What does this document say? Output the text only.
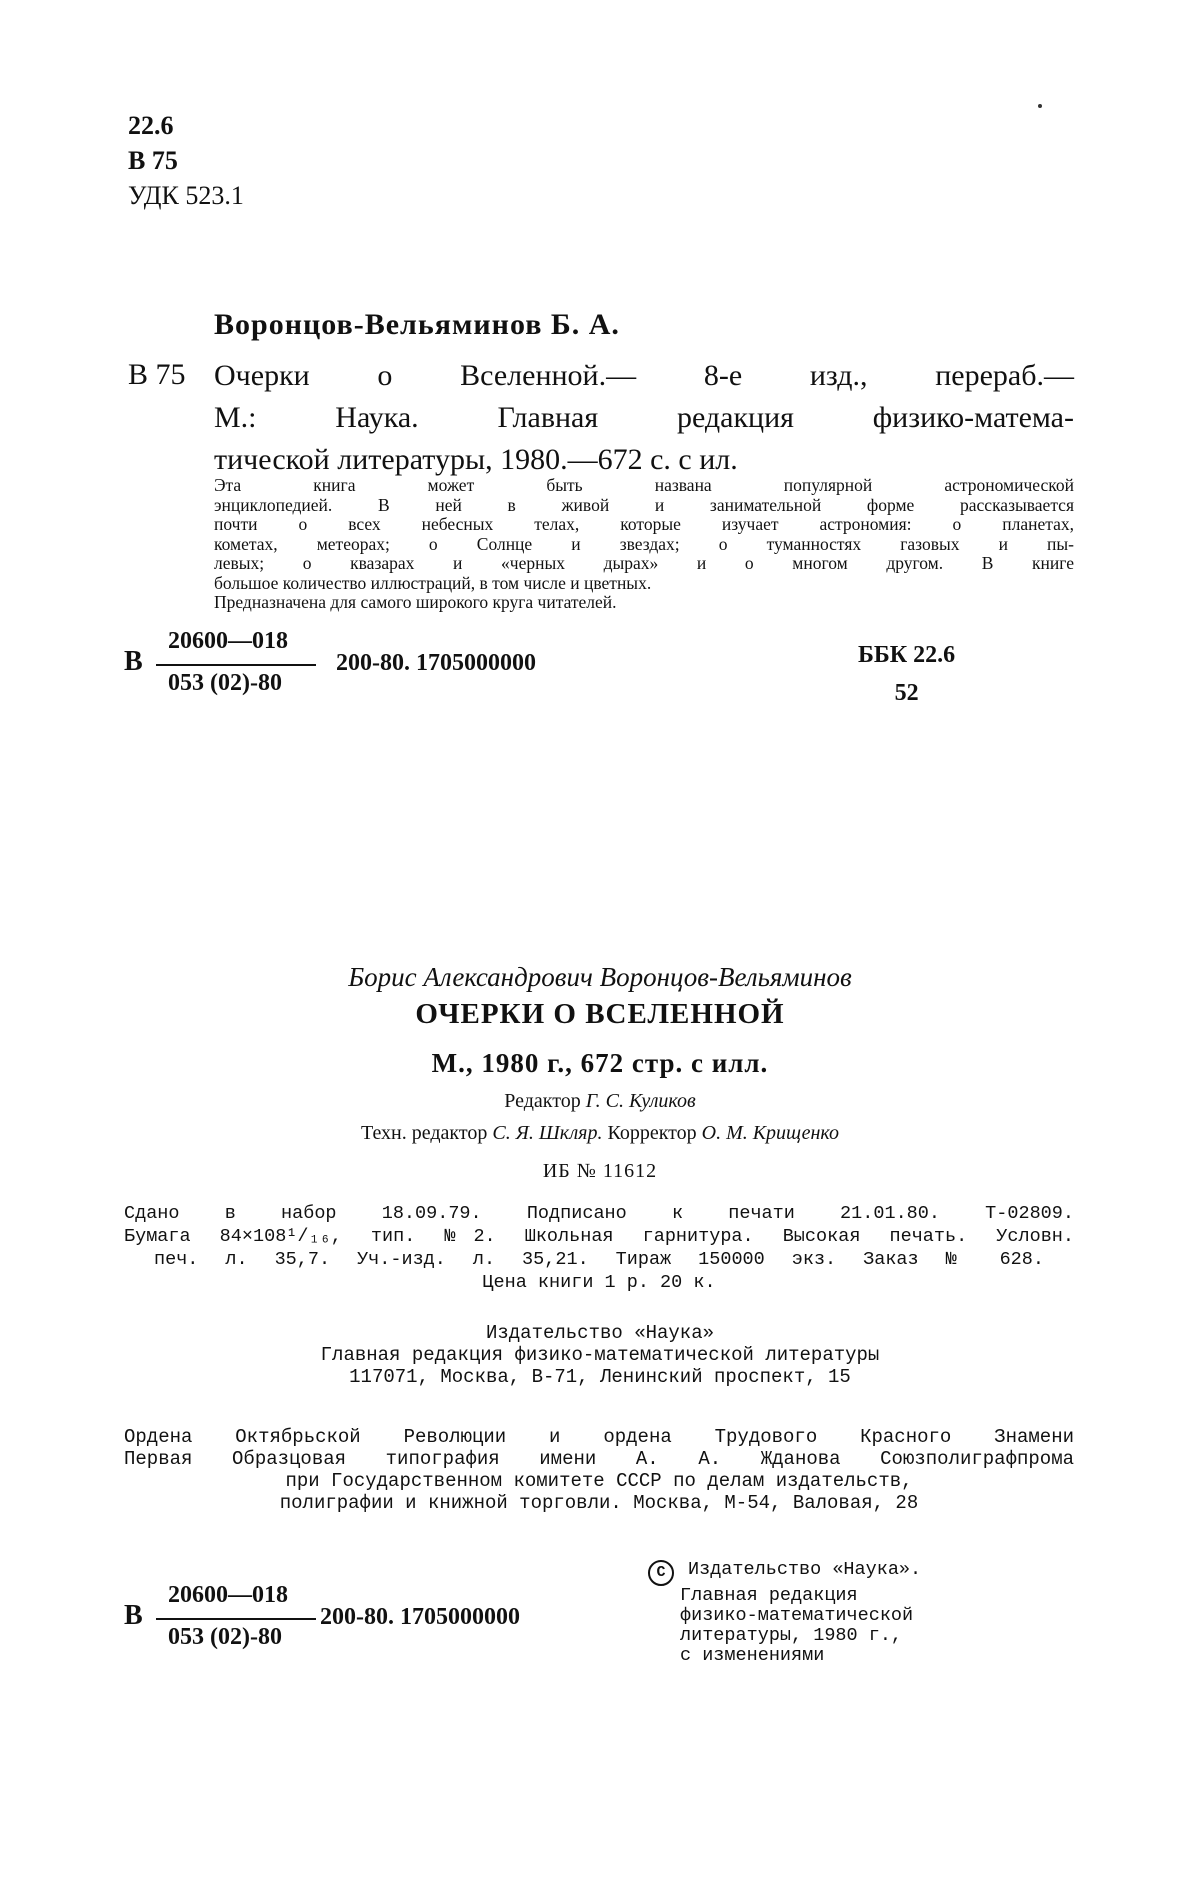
22.6
В 75
УДК 523.1
Воронцов-Вельяминов Б. А.
В 75 Очерки о Вселенной.— 8-е изд., перераб.—
М.: Наука. Главная редакция физико-матема-
тической литературы, 1980.—672 с. с ил.
Эта книга может быть названа популярной астрономической
энциклопедией. В ней в живой и занимательной форме рассказывается
почти о всех небесных телах, которые изучает астрономия: о планетах,
кометах, метеорах; о Солнце и звездах; о туманностях газовых и пы-
левых; о квазарах и «черных дырах» и о многом другом. В книге
большое количество иллюстраций, в том числе и цветных.
Предназначена для самого широкого круга читателей.
В
20600—018
053 (02)-80
200-80. 1705000000	ББК 22.6
52
Борис Александрович Воронцов-Вельяминов
ОЧЕРКИ О ВСЕЛЕННОЙ
М., 1980 г., 672 стр. с илл.
Редактор Г. С. Куликов
Техн. редактор С. Я. Шкляр. Корректор О. М. Крищенко
ИБ № 11612
Сдано в набор 18.09.79. Подписано к печати 21.01.80. Т-02809.
Бумага 84×108¹/₁₆, тип. №2. Школьная гарнитура. Высокая печать. Условн.
печ. л. 35,7. Уч.-изд. л. 35,21. Тираж 150000 экз. Заказ № 628.
Цена книги 1 р. 20 к.
Издательство «Наука»
Главная редакция физико-математической литературы
117071, Москва, В-71, Ленинский проспект, 15
Ордена Октябрьской Революции и ордена Трудового Красного Знамени
Первая Образцовая типография имени А. А. Жданова Союзполиграфпрома
при Государственном комитете СССР по делам издательств,
полиграфии и книжной торговли. Москва, М-54, Валовая, 28
В
20600—018
053 (02)-80
200-80. 1705000000
C Издательство «Наука».
Главная редакция
физико-математической
литературы, 1980 г.,
с изменениями
